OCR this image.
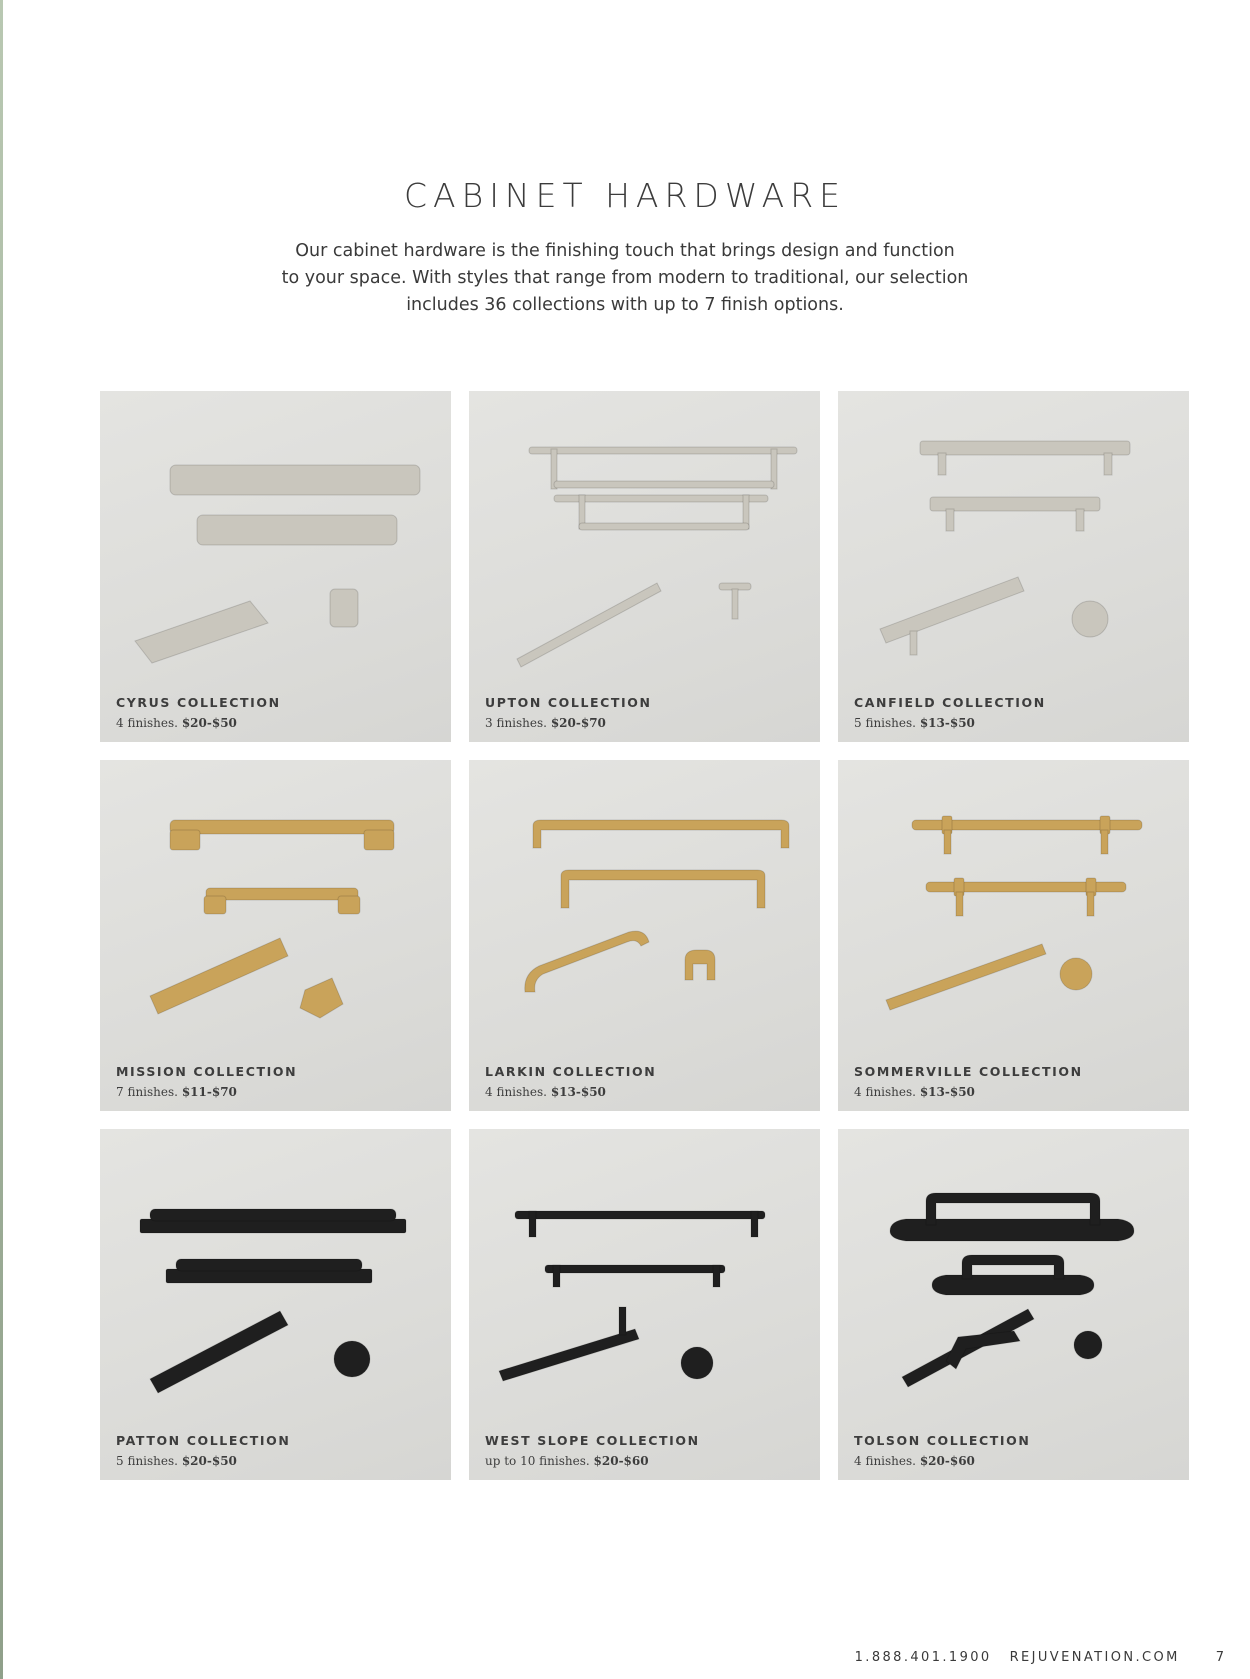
CABINET HARDWARE
Our cabinet hardware is the finishing touch that brings design and function
to your space. With styles that range from modern to traditional, our selection
includes 36 collections with up to 7 finish options.
CYRUS COLLECTION
4 finishes. $20-$50
UPTON COLLECTION
3 finishes. $20-$70
CANFIELD COLLECTION
5 finishes. $13-$50
MISSION COLLECTION
7 finishes. $11-$70
LARKIN COLLECTION
4 finishes. $13-$50
SOMMERVILLE COLLECTION
4 finishes. $13-$50
PATTON COLLECTION
5 finishes. $20-$50
WEST SLOPE COLLECTION
up to 10 finishes. $20-$60
TOLSON COLLECTION
4 finishes. $20-$60
1.888.401.1900 REJUVENATION.COM	7
